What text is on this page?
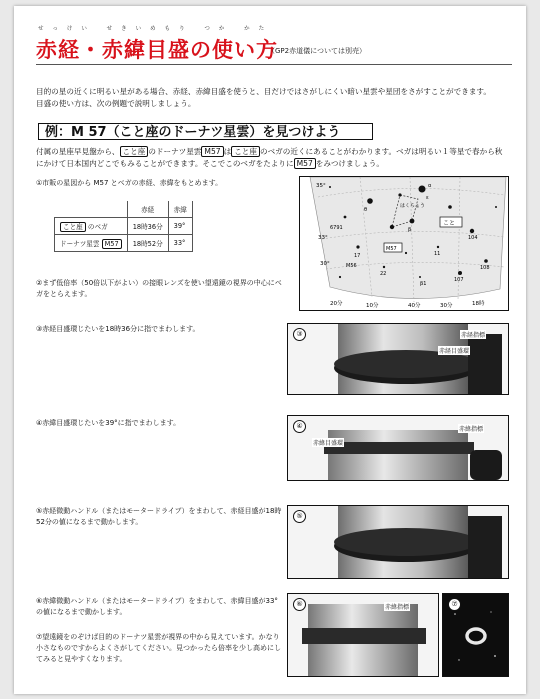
せっけい せきいめもり つか かた
赤経・赤緯目盛の使い方
（GP2赤道儀については別売）
目的の星の近くに明るい星がある場合、赤経、赤緯目盛を使うと、目だけではさがしにくい暗い星雲や星団をさがすことができます。
目盛の使い方は、次の例題で説明しましょう。
例：M 57（こと座のドーナツ星雲）を見つけよう
付属の星座早見盤から、 こと座 のドーナツ星雲 M57 は こと座 のベガの近くにあることがわかります。ベガは明るい１等星で春から秋にかけて日本国内どこでもみることができます。そこでこのベガをたよりに M57 をみつけましょう。
①市販の星図から M57 とベガの赤経、赤緯をもとめます。
	赤経	赤緯
こと座 のベガ	18時36分	39°
ドーナツ星雲 M57	18時52分	33°
②まず低倍率（50倍以下がよい）の接眼レンズを使い望遠鏡の視界の中心にベガをとらえます。
③赤経目盛環じたいを18時36分に指でまわします。
④赤緯目盛環じたいを39°に指でまわします。
⑤赤経微動ハンドル（またはモータードライブ）をまわして、赤経目盛が18時52分の値になるまで動かします。
⑥赤緯微動ハンドル（またはモータードライブ）をまわして、赤緯目盛が33°の値になるまで動かします。
⑦望遠鏡をのぞけば目的のドーナツ星雲が視界の中から見えています。かなり小さなものですからよくさがしてください。見つかったら倍率を少し高めにしてみると見やすくなります。
35°
33°
30°
20分	10分	40分	30分	18時
こと
はくちょう
6791
M56
M57
β
ε
θ
α
17
22
104
108
107
11
β1
③	赤経指標
赤経目盛環
④
赤緯目盛環
赤緯指標
⑤
⑥	赤緯指標	⑦
